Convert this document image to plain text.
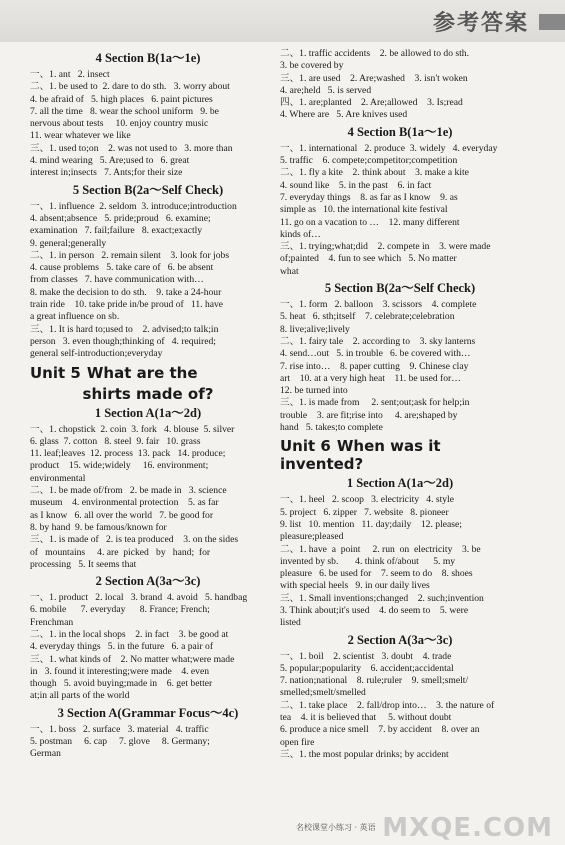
参考答案
4 Section B(1a～1e)
一、1. ant   2. insect
二、1. be used to  2. dare to do sth.   3. worry about
4. be afraid of   5. high places   6. paint pictures
7. all the time   8. wear the school uniform   9. be
nervous about tests     10. enjoy country music
11. wear whatever we like
三、1. used to;on    2. was not used to   3. more than
4. mind wearing   5. Are;used to   6. great
interest in;insects   7. Ants;for their size
5 Section B(2a～Self Check)
一、1. influence  2. seldom  3. introduce;introduction
4. absent;absence   5. pride;proud   6. examine;
examination   7. fail;failure   8. exact;exactly
9. general;generally
二、1. in person   2. remain silent    3. look for jobs
4. cause problems   5. take care of   6. be absent
from classes   7. have communication with…
8. make the decision to do sth.    9. take a 24-hour
train ride    10. take pride in/be proud of   11. have
a great influence on sb.
三、1. It is hard to;used to    2. advised;to talk;in
person   3. even though;thinking of   4. required;
general self-introduction;everyday
Unit 5 What are the
shirts made of?
1 Section A(1a～2d)
一、1. chopstick  2. coin  3. fork   4. blouse  5. silver
6. glass  7. cotton   8. steel  9. fair   10. grass
11. leaf;leaves  12. process  13. pack   14. produce;
product    15. wide;widely     16. environment;
environmental
二、1. be made of/from   2. be made in   3. science
museum    4. environmental protection    5. as far
as I know   6. all over the world   7. be good for
8. by hand  9. be famous/known for
三、1. is made of   2. is tea produced    3. on the sides
of   mountains     4. are  picked   by   hand;  for
processing   5. It seems that
2 Section A(3a～3c)
一、1. product   2. local   3. brand  4. avoid   5. handbag
6. mobile      7. everyday      8. France; French;
Frenchman
二、1. in the local shops    2. in fact    3. be good at
4. everyday things   5. in the future   6. a pair of
三、1. what kinds of    2. No matter what;were made
in   3. found it interesting;were made    4. even
though   5. avoid buying;made in    6. get better
at;in all parts of the world
3 Section A(Grammar Focus～4c)
一、1. boss   2. surface   3. material   4. traffic
5. postman     6. cap     7. glove     8. Germany;
German
二、1. traffic accidents    2. be allowed to do sth.
3. be covered by
三、1. are used    2. Are;washed    3. isn't woken
4. are;held   5. is served
四、1. are;planted    2. Are;allowed    3. Is;read
4. Where are   5. Are knives used
4 Section B(1a～1e)
一、1. international   2. produce  3. widely   4. everyday
5. traffic    6. compete;competitor;competition
二、1. fly a kite    2. think about    3. make a kite
4. sound like    5. in the past    6. in fact
7. everyday things    8. as far as I know    9. as
simple as   10. the international kite festival
11. go on a vacation to …    12. many different
kinds of…
三、1. trying;what;did    2. compete in    3. were made
of;painted    4. fun to see which   5. No matter
what
5 Section B(2a～Self Check)
一、1. form   2. balloon    3. scissors    4. complete
5. heat   6. sth;itself    7. celebrate;celebration
8. live;alive;lively
二、1. fairy tale    2. according to    3. sky lanterns
4. send…out   5. in trouble   6. be covered with…
7. rise into…    8. paper cutting    9. Chinese clay
art    10. at a very high heat    11. be used for…
12. be turned into
三、1. is made from     2. sent;out;ask for help;in
trouble    3. are fit;rise into     4. are;shaped by
hand   5. takes;to complete
Unit 6 When was it invented?
1 Section A(1a～2d)
一、1. heel   2. scoop   3. electricity   4. style
5. project   6. zipper   7. website   8. pioneer
9. list   10. mention   11. day;daily    12. please;
pleasure;pleased
二、1. have  a  point     2. run  on  electricity    3. be
invented by sb.       4. think of/about      5. my
pleasure   6. be used for    7. seem to do    8. shoes
with special heels   9. in our daily lives
三、1. Small inventions;changed    2. such;invention
3. Think about;it's used    4. do seem to    5. were
listed
2 Section A(3a～3c)
一、1. boil    2. scientist   3. doubt    4. trade
5. popular;popularity    6. accident;accidental
7. nation;national    8. rule;ruler    9. smell;smelt/
smelled;smelt/smelled
二、1. take place    2. fall/drop into…    3. the nature of
tea    4. it is believed that     5. without doubt
6. produce a nice smell    7. by accident    8. over an
open fire
三、1. the most popular drinks; by accident
名校课堂小练习 · 英语 MXQE.COM
